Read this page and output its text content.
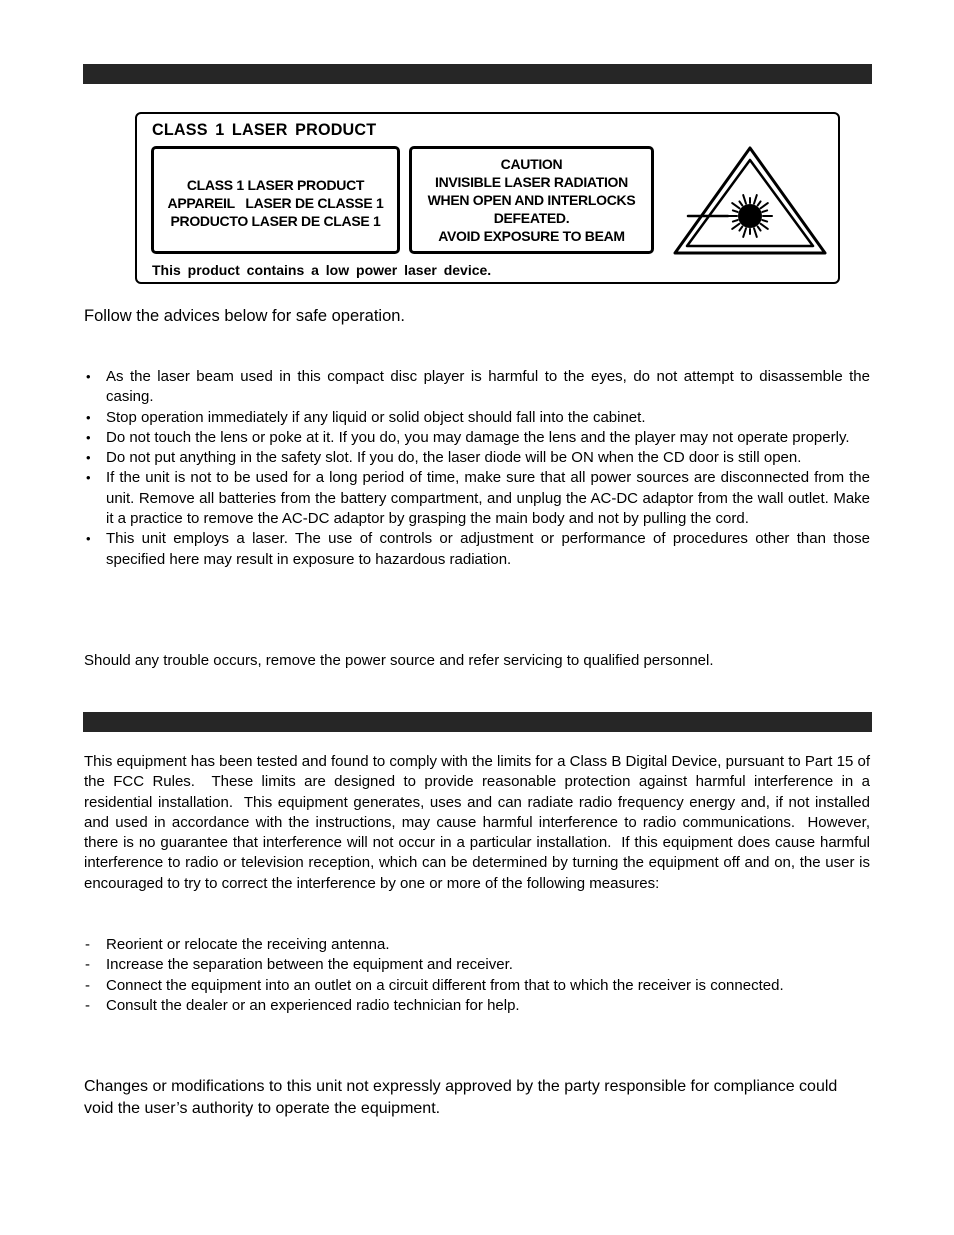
CLASS 1 LASER PRODUCT
CLASS 1 LASER PRODUCT
APPAREIL   LASER DE CLASSE 1
PRODUCTO LASER DE CLASE 1
CAUTION
INVISIBLE LASER RADIATION
WHEN OPEN AND INTERLOCKS
DEFEATED.
AVOID EXPOSURE TO BEAM
This product contains a low power laser device.

Follow the advices below for safe operation.

• As the laser beam used in this compact disc player is harmful to the eyes, do not attempt to disassemble the casing.
• Stop operation immediately if any liquid or solid object should fall into the cabinet.
• Do not touch the lens or poke at it. If you do, you may damage the lens and the player may not operate properly.
• Do not put anything in the safety slot. If you do, the laser diode will be ON when the CD door is still open.
• If the unit is not to be used for a long period of time, make sure that all power sources are disconnected from the unit. Remove all batteries from the battery compartment, and unplug the AC-DC adaptor from the wall outlet. Make it a practice to remove the AC-DC adaptor by grasping the main body and not by pulling the cord.
• This unit employs a laser. The use of controls or adjustment or performance of procedures other than those specified here may result in exposure to hazardous radiation.

Should any trouble occurs, remove the power source and refer servicing to qualified personnel.

This equipment has been tested and found to comply with the limits for a Class B Digital Device, pursuant to Part 15 of the FCC Rules.  These limits are designed to provide reasonable protection against harmful interference in a residential installation.  This equipment generates, uses and can radiate radio frequency energy and, if not installed and used in accordance with the instructions, may cause harmful interference to radio communications.  However, there is no guarantee that interference will not occur in a particular installation.  If this equipment does cause harmful interference to radio or television reception, which can be determined by turning the equipment off and on, the user is encouraged to try to correct the interference by one or more of the following measures:

- Reorient or relocate the receiving antenna.
- Increase the separation between the equipment and receiver.
- Connect the equipment into an outlet on a circuit different from that to which the receiver is connected.
- Consult the dealer or an experienced radio technician for help.

Changes or modifications to this unit not expressly approved by the party responsible for compliance could void the user’s authority to operate the equipment.
